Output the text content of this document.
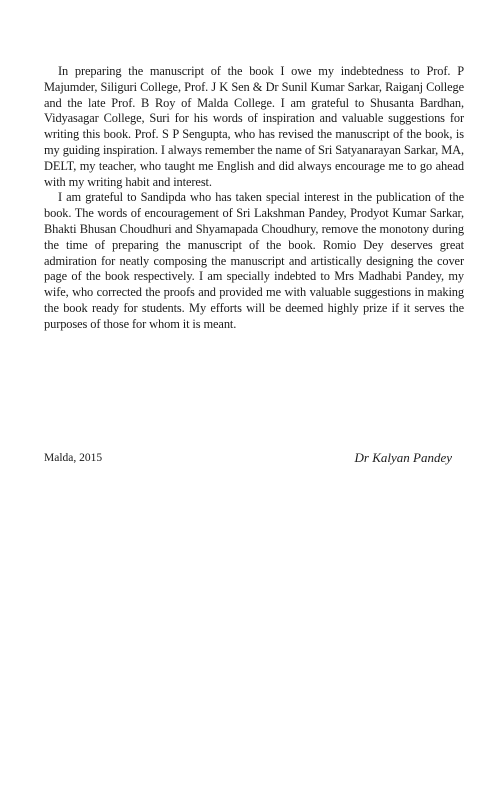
In preparing the manuscript of the book I owe my indebtedness to Prof. P Majumder, Siliguri College, Prof. J K Sen & Dr Sunil Kumar Sarkar, Raiganj College and the late Prof. B Roy of Malda College. I am grateful to Shusanta Bardhan, Vidyasagar College, Suri for his words of inspiration and valuable suggestions for writing this book. Prof. S P Sengupta, who has revised the manuscript of the book, is my guiding inspiration. I always remember the name of Sri Satyanarayan Sarkar, MA, DELT, my teacher, who taught me English and did always encourage me to go ahead with my writing habit and interest.

I am grateful to Sandipda who has taken special interest in the publication of the book. The words of encouragement of Sri Lakshman Pandey, Prodyot Kumar Sarkar, Bhakti Bhusan Choudhuri and Shyamapada Choudhury, remove the monotony during the time of preparing the manuscript of the book. Romio Dey deserves great admiration for neatly composing the manuscript and artistically designing the cover page of the book respectively. I am specially indebted to Mrs Madhabi Pandey, my wife, who corrected the proofs and provided me with valuable suggestions in making the book ready for students. My efforts will be deemed highly prize if it serves the purposes of those for whom it is meant.

Malda, 2015	Dr Kalyan Pandey
